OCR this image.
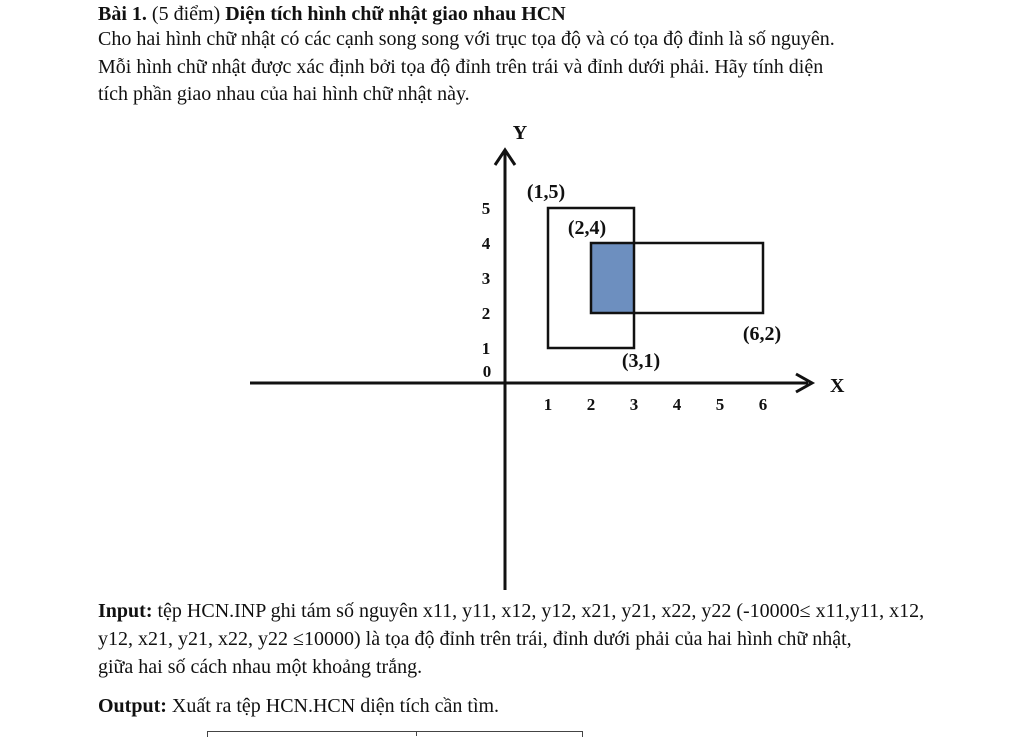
Bài 1. (5 điểm) Diện tích hình chữ nhật giao nhau HCN
Cho hai hình chữ nhật có các cạnh song song với trục tọa độ và có tọa độ đỉnh là số nguyên.
Mỗi hình chữ nhật được xác định bởi tọa độ đỉnh trên trái và đỉnh dưới phải. Hãy tính diện
tích phần giao nhau của hai hình chữ nhật này.
Y
X
0
1 2 3 4 5 6
1
2
3
4
5
(1,5)
(3,1)
(2,4)
(6,2)
Input: tệp HCN.INP ghi tám số nguyên x11, y11, x12, y12, x21, y21, x22, y22 (-10000≤ x11,y11, x12,
y12, x21, y21, x22, y22 ≤10000) là tọa độ đỉnh trên trái, đỉnh dưới phải của hai hình chữ nhật,
giữa hai số cách nhau một khoảng trắng.
Output: Xuất ra tệp HCN.HCN diện tích cần tìm.
